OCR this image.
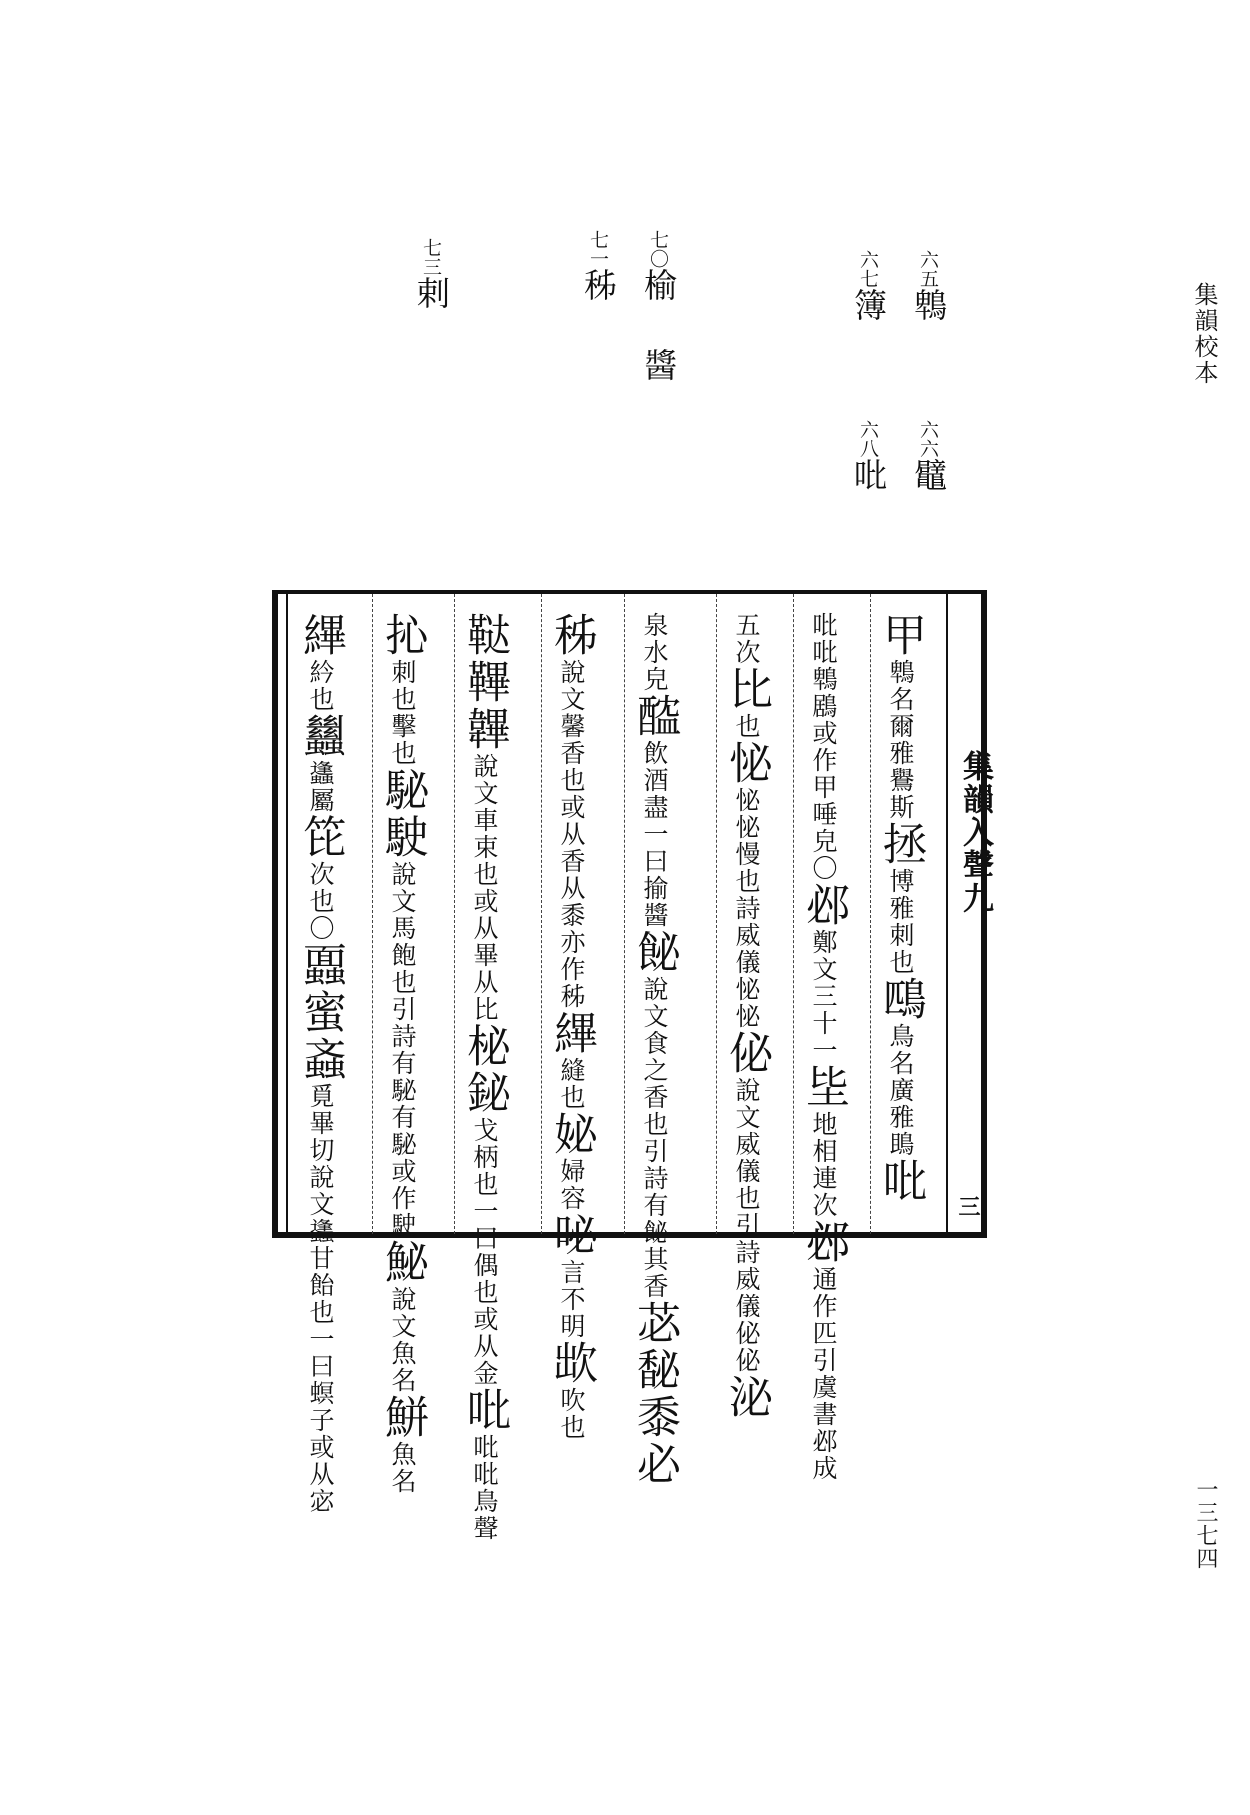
集韻校本
一三七四
六五鵯
六六鼊
六七簿
六八吡
七〇榆 醬
七一秭
七三剌
集韻入聲九
三
甲鵯名爾雅鸒斯拯博雅刺也鴄鳥名廣雅鴡吡
吡吡鵯鶋或作甲唾皃〇邲鄭文三十一坒地相連次邲通作匹引虞書邲成
五次比也怭怭怭慢也詩威儀怭怭佖說文威儀也引詩威儀佖佖泌
泉水皃醓飲酒盡一曰揄醬飶說文食之香也引詩有飶其香苾馝黍必
秭說文馨香也或从香从黍亦作秭縪縫也妼婦容咇言不明欪吹也
鞑鞸韠說文車束也或从畢从比柲鉍戈柄也一曰偶也或从金吡吡吡鳥聲
抋刺也擊也駜駛說文馬飽也引詩有駜有駜或作駛鮅說文魚名鮩魚名
縪紟也蠿蠭屬笓次也〇蠠蜜螡覓畢切說文蠭甘飴也一曰螟子或从宓
